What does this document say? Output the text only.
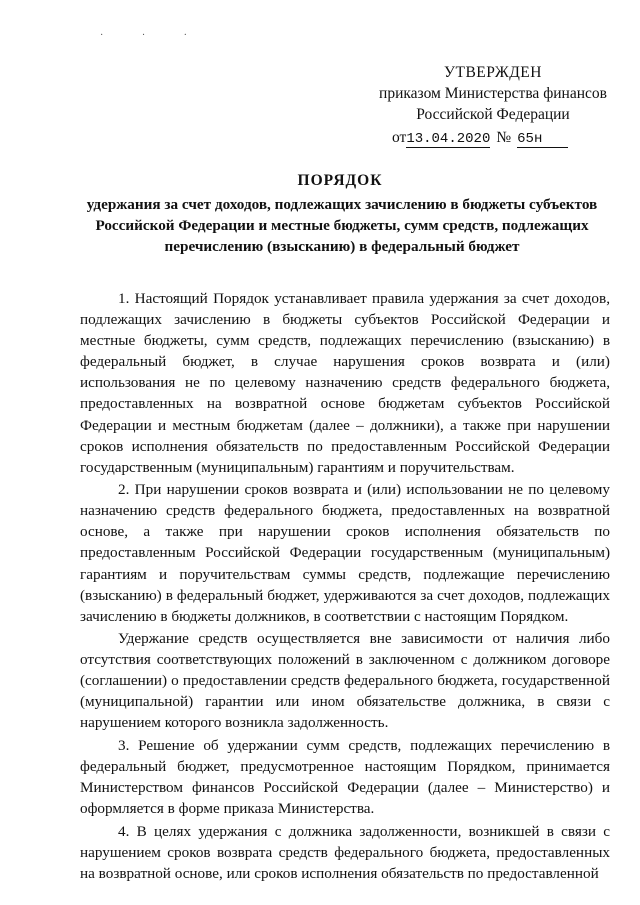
· · ·
УТВЕРЖДЕН
приказом Министерства финансов
Российской Федерации
от13.04.2020 № 65н
ПОРЯДОК
удержания за счет доходов, подлежащих зачислению в бюджеты субъектов Российской Федерации и местные бюджеты, сумм средств, подлежащих перечислению (взысканию) в федеральный бюджет

1. Настоящий Порядок устанавливает правила удержания за счет доходов, подлежащих зачислению в бюджеты субъектов Российской Федерации и местные бюджеты, сумм средств, подлежащих перечислению (взысканию) в федеральный бюджет, в случае нарушения сроков возврата и (или) использования не по целевому назначению средств федерального бюджета, предоставленных на возвратной основе бюджетам субъектов Российской Федерации и местным бюджетам (далее – должники), а также при нарушении сроков исполнения обязательств по предоставленным Российской Федерации государственным (муниципальным) гарантиям и поручительствам.

2. При нарушении сроков возврата и (или) использовании не по целевому назначению средств федерального бюджета, предоставленных на возвратной основе, а также при нарушении сроков исполнения обязательств по предоставленным Российской Федерации государственным (муниципальным) гарантиям и поручительствам суммы средств, подлежащие перечислению (взысканию) в федеральный бюджет, удерживаются за счет доходов, подлежащих зачислению в бюджеты должников, в соответствии с настоящим Порядком.

Удержание средств осуществляется вне зависимости от наличия либо отсутствия соответствующих положений в заключенном с должником договоре (соглашении) о предоставлении средств федерального бюджета, государственной (муниципальной) гарантии или ином обязательстве должника, в связи с нарушением которого возникла задолженность.

3. Решение об удержании сумм средств, подлежащих перечислению в федеральный бюджет, предусмотренное настоящим Порядком, принимается Министерством финансов Российской Федерации (далее – Министерство) и оформляется в форме приказа Министерства.

4. В целях удержания с должника задолженности, возникшей в связи с нарушением сроков возврата средств федерального бюджета, предоставленных на возвратной основе, или сроков исполнения обязательств по предоставленной
